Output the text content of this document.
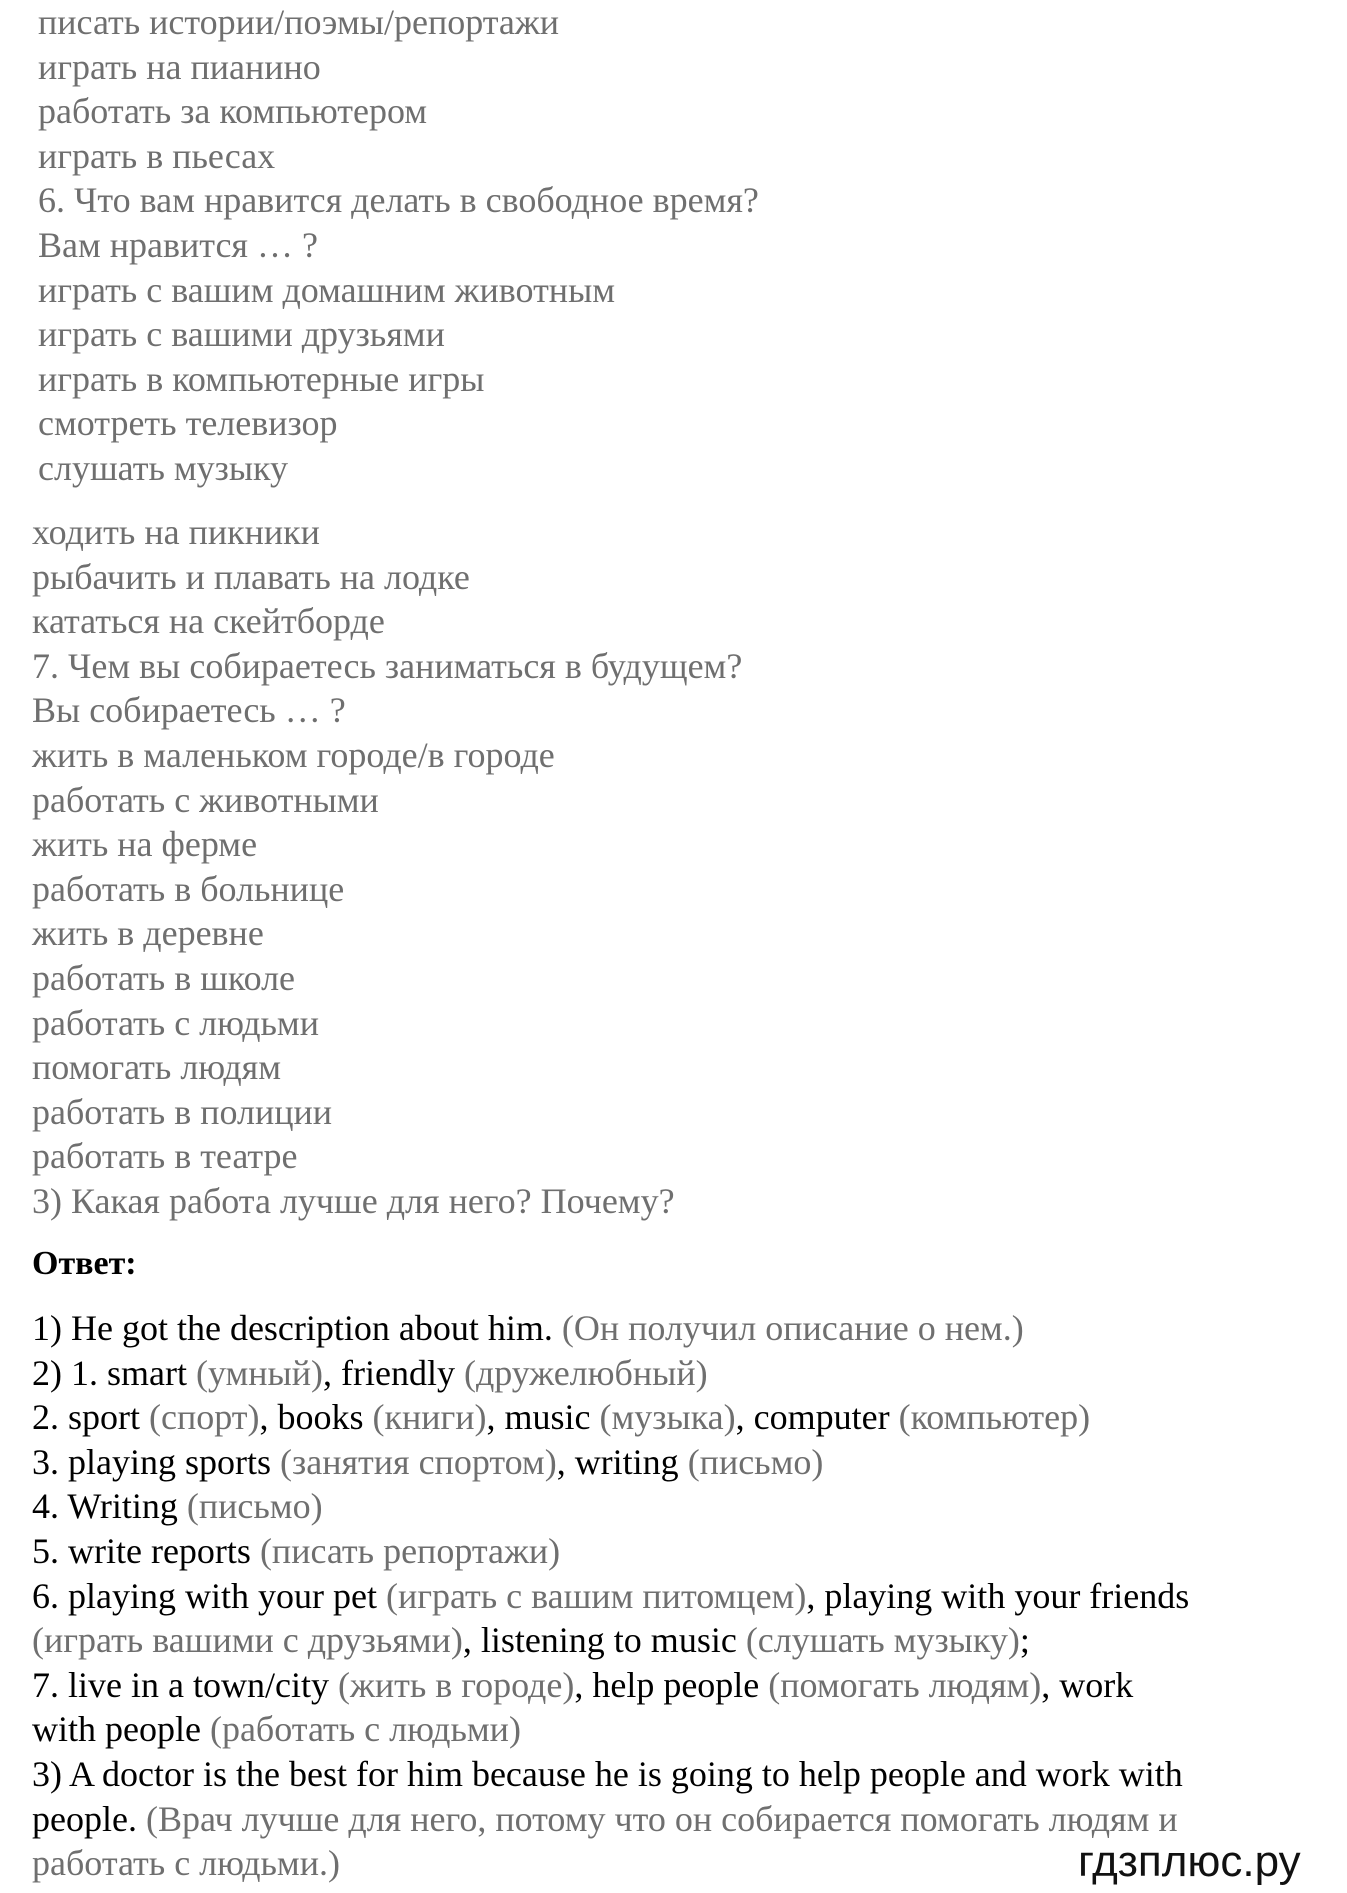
писать истории/поэмы/репортажи
играть на пианино
работать за компьютером
играть в пьесах
6. Что вам нравится делать в свободное время?
Вам нравится … ?
играть с вашим домашним животным
играть с вашими друзьями
играть в компьютерные игры
смотреть телевизор
слушать музыку
ходить на пикники
рыбачить и плавать на лодке
кататься на скейтборде
7. Чем вы собираетесь заниматься в будущем?
Вы собираетесь … ?
жить в маленьком городе/в городе
работать с животными
жить на ферме
работать в больнице
жить в деревне
работать в школе
работать с людьми
помогать людям
работать в полиции
работать в театре
3) Какая работа лучше для него? Почему?
Ответ:
1) He got the description about him. (Он получил описание о нем.)
2) 1. smart (умный), friendly (дружелюбный)
2. sport (спорт), books (книги), music (музыка), computer (компьютер)
3. playing sports (занятия спортом), writing (письмо)
4. Writing (письмо)
5. write reports (писать репортажи)
6. playing with your pet (играть с вашим питомцем), playing with your friends
(играть вашими с друзьями), listening to music (слушать музыку);
7. live in a town/city (жить в городе), help people (помогать людям), work
with people (работать с людьми)
3) A doctor is the best for him because he is going to help people and work with
people. (Врач лучше для него, потому что он собирается помогать людям и
работать с людьми.)	гдзплюс.ру
